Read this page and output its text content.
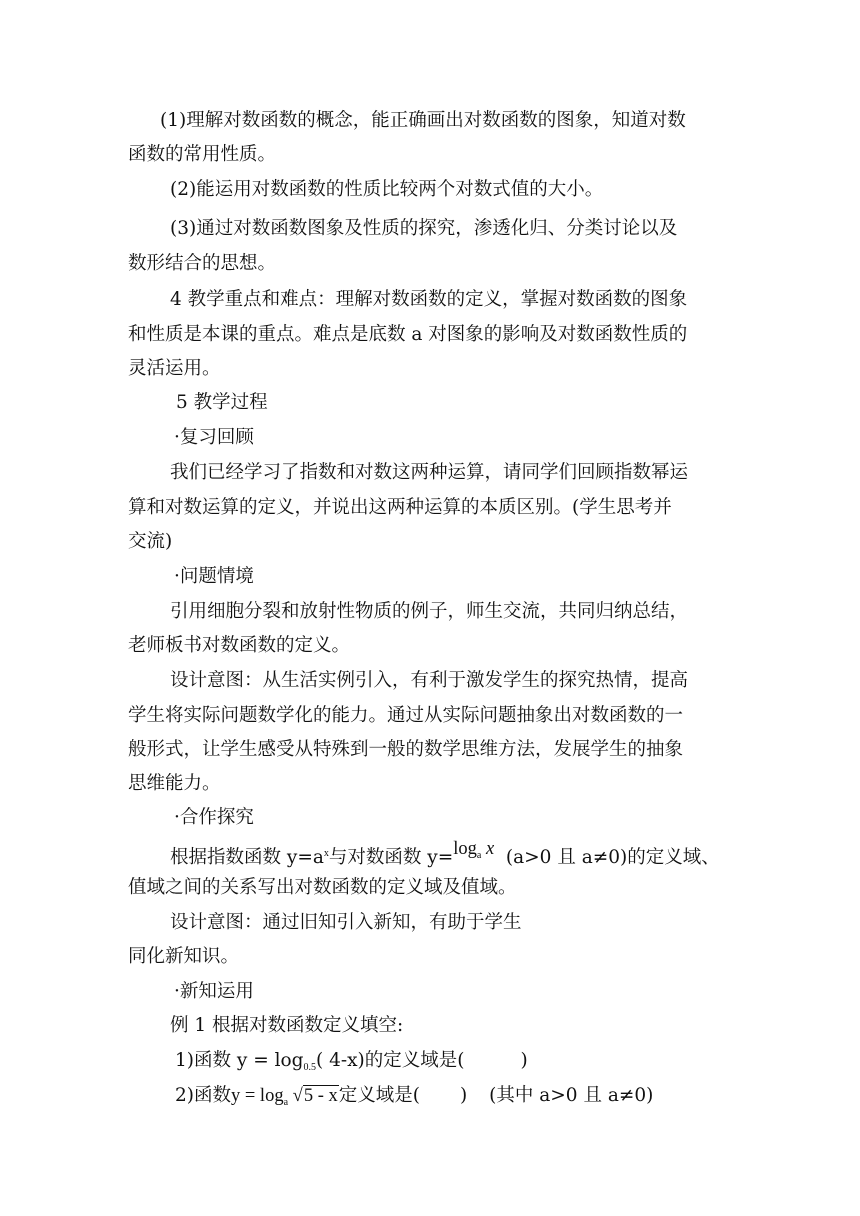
(1)理解对数函数的概念，能正确画出对数函数的图象，知道对数
函数的常用性质。
(2)能运用对数函数的性质比较两个对数式值的大小。
(3)通过对数函数图象及性质的探究，渗透化归、分类讨论以及
数形结合的思想。
4 教学重点和难点：理解对数函数的定义，掌握对数函数的图象
和性质是本课的重点。难点是底数 a 对图象的影响及对数函数性质的
灵活运用。
5 教学过程
·复习回顾
我们已经学习了指数和对数这两种运算，请同学们回顾指数幂运
算和对数运算的定义，并说出这两种运算的本质区别。(学生思考并
交流)
·问题情境
引用细胞分裂和放射性物质的例子，师生交流，共同归纳总结，
老师板书对数函数的定义。
设计意图：从生活实例引入，有利于激发学生的探究热情，提高
学生将实际问题数学化的能力。通过从实际问题抽象出对数函数的一
般形式，让学生感受从特殊到一般的数学思维方法，发展学生的抽象
思维能力。
·合作探究
根据指数函数 $y=a^x$与对数函数 $y=\log_a$ x (a>0 且 a≠0)的定义域、
值域之间的关系写出对数函数的定义域及值域。
设计意图：通过旧知引入新知，有助于学生
同化新知识。
·新知运用
例 1 根据对数函数定义填空:
1)函数 $y = \log_{0.5}$( 4-x)的定义域是(	)
2)函数$y = \log_a √5 - x$定义域是( ) (其中 a>0 且 a≠0)
